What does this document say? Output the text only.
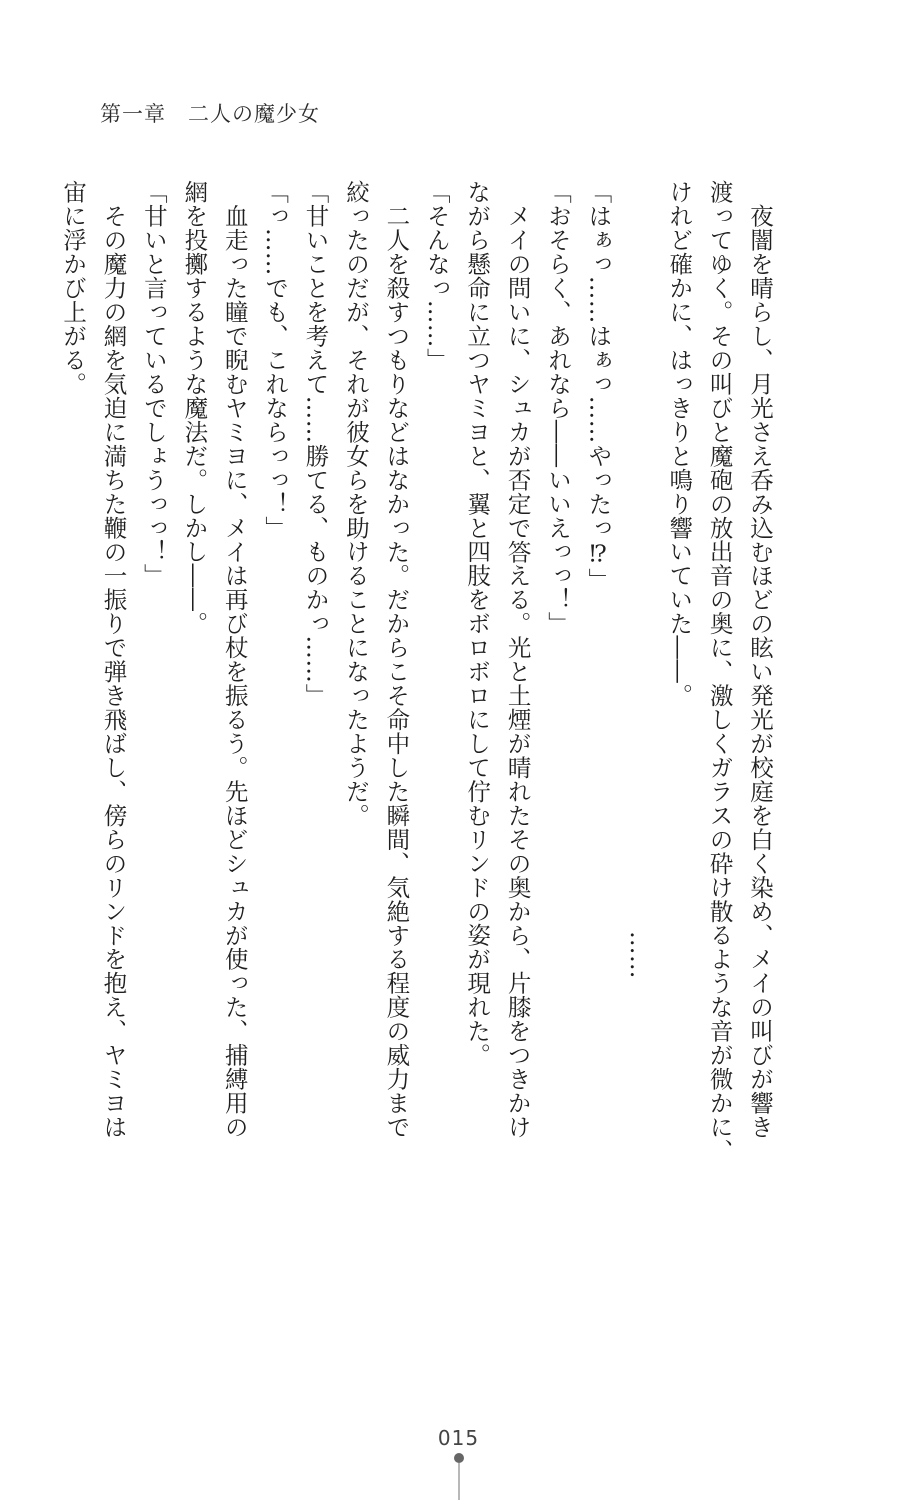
第一章　二人の魔少女
夜闇を晴らし、月光さえ呑み込むほどの眩い発光が校庭を白く染め、メイの叫びが響き
渡ってゆく。その叫びと魔砲の放出音の奥に、激しくガラスの砕け散るような音が微かに、
けれど確かに、はっきりと鳴り響いていた――。
……
「はぁっ……はぁっ……やったっ⁉」
「おそらく、あれなら――いいえっっ！」
メイの問いに、シュカが否定で答える。光と土煙が晴れたその奥から、片膝をつきかけ
ながら懸命に立つヤミヨと、翼と四肢をボロボロにして佇むリンドの姿が現れた。
「そんなっ……」
二人を殺すつもりなどはなかった。だからこそ命中した瞬間、気絶する程度の威力まで
絞ったのだが、それが彼女らを助けることになったようだ。
「甘いことを考えて……勝てる、ものかっ……」
「っ……でも、これならっっ！」
血走った瞳で睨むヤミヨに、メイは再び杖を振るう。先ほどシュカが使った、捕縛用の
網を投擲するような魔法だ。しかし――。
「甘いと言っているでしょうっっ！」
その魔力の網を気迫に満ちた鞭の一振りで弾き飛ばし、傍らのリンドを抱え、ヤミヨは
宙に浮かび上がる。
015
